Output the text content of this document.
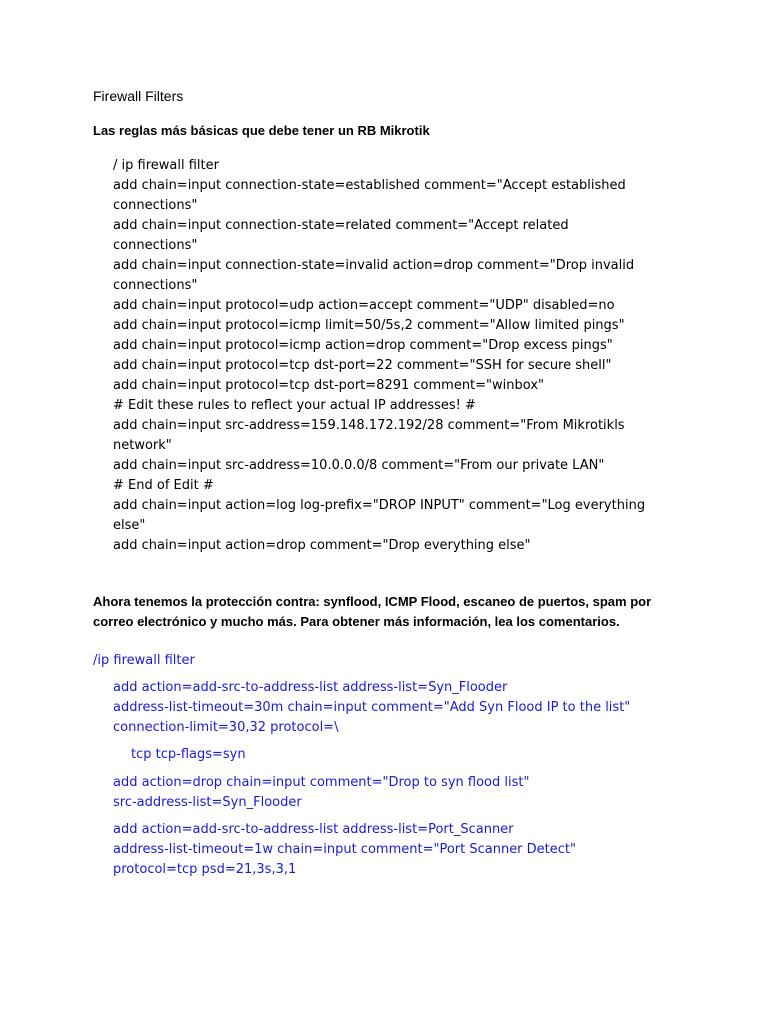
Firewall Filters
Las reglas más básicas que debe tener un RB Mikrotik
/ ip firewall filter
add chain=input connection-state=established comment="Accept established
connections"
add chain=input connection-state=related comment="Accept related
connections"
add chain=input connection-state=invalid action=drop comment="Drop invalid
connections"
add chain=input protocol=udp action=accept comment="UDP" disabled=no
add chain=input protocol=icmp limit=50/5s,2 comment="Allow limited pings"
add chain=input protocol=icmp action=drop comment="Drop excess pings"
add chain=input protocol=tcp dst-port=22 comment="SSH for secure shell"
add chain=input protocol=tcp dst-port=8291 comment="winbox"
# Edit these rules to reflect your actual IP addresses! #
add chain=input src-address=159.148.172.192/28 comment="From Mikrotikls
network"
add chain=input src-address=10.0.0.0/8 comment="From our private LAN"
# End of Edit #
add chain=input action=log log-prefix="DROP INPUT" comment="Log everything
else"
add chain=input action=drop comment="Drop everything else"
Ahora tenemos la protección contra: synflood, ICMP Flood, escaneo de puertos, spam por
correo electrónico y mucho más. Para obtener más información, lea los comentarios.
/ip firewall filter
add action=add-src-to-address-list address-list=Syn_Flooder
address-list-timeout=30m chain=input comment="Add Syn Flood IP to the list"
connection-limit=30,32 protocol=\
tcp tcp-flags=syn
add action=drop chain=input comment="Drop to syn flood list"
src-address-list=Syn_Flooder
add action=add-src-to-address-list address-list=Port_Scanner
address-list-timeout=1w chain=input comment="Port Scanner Detect"
protocol=tcp psd=21,3s,3,1
